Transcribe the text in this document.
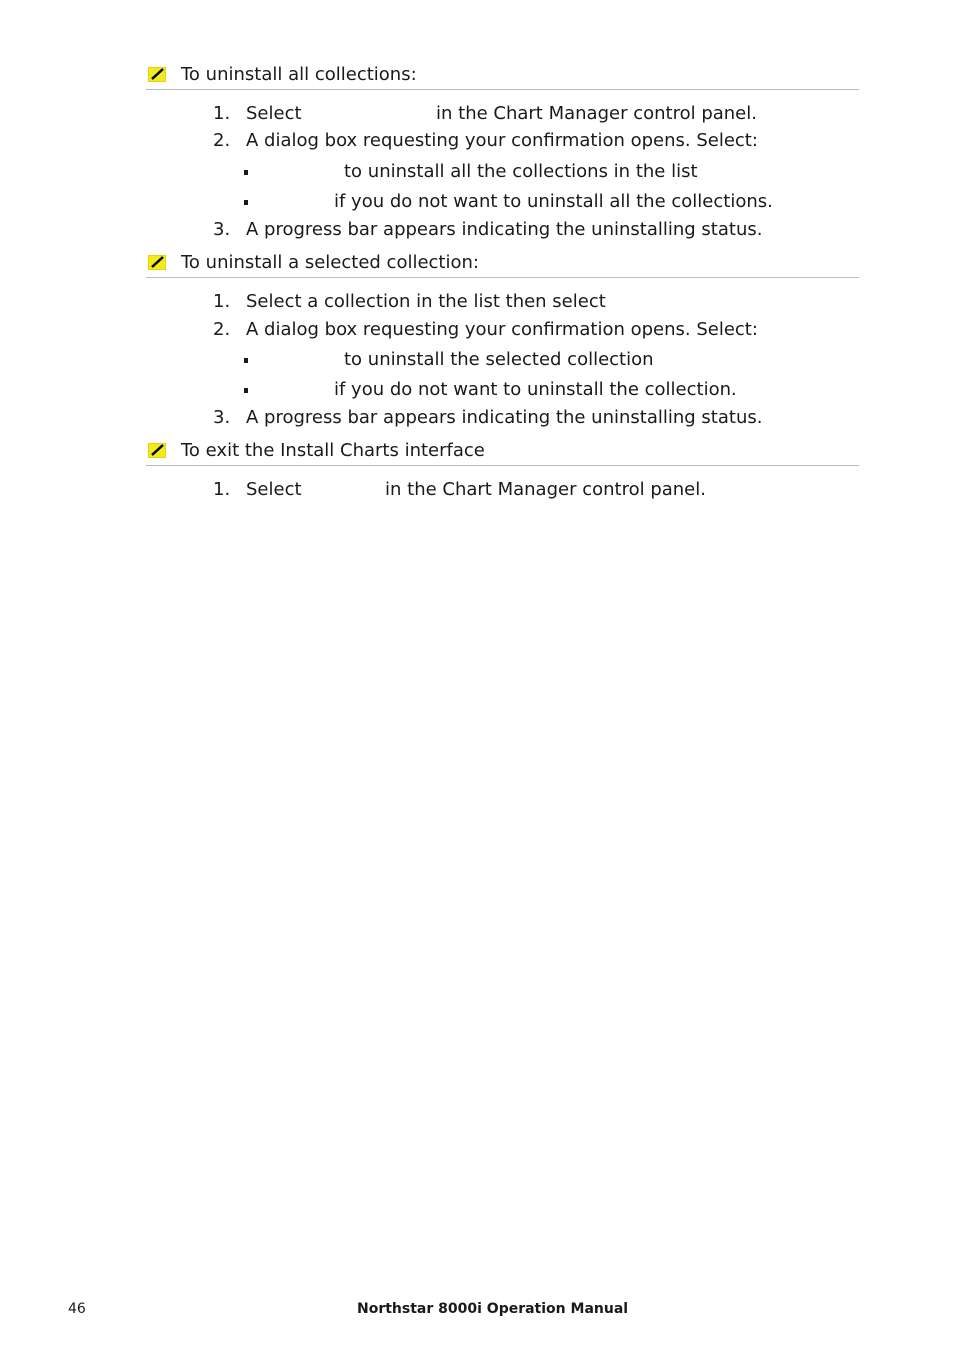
To uninstall all collections:
1. Select	in the Chart Manager control panel.
2. A dialog box requesting your confirmation opens. Select:
to uninstall all the collections in the list
if you do not want to uninstall all the collections.
3. A progress bar appears indicating the uninstalling status.
To uninstall a selected collection:
1. Select a collection in the list then select
2. A dialog box requesting your confirmation opens. Select:
to uninstall the selected collection
if you do not want to uninstall the collection.
3. A progress bar appears indicating the uninstalling status.
To exit the Install Charts interface
1. Select	in the Chart Manager control panel.
46	Northstar 8000i Operation Manual
